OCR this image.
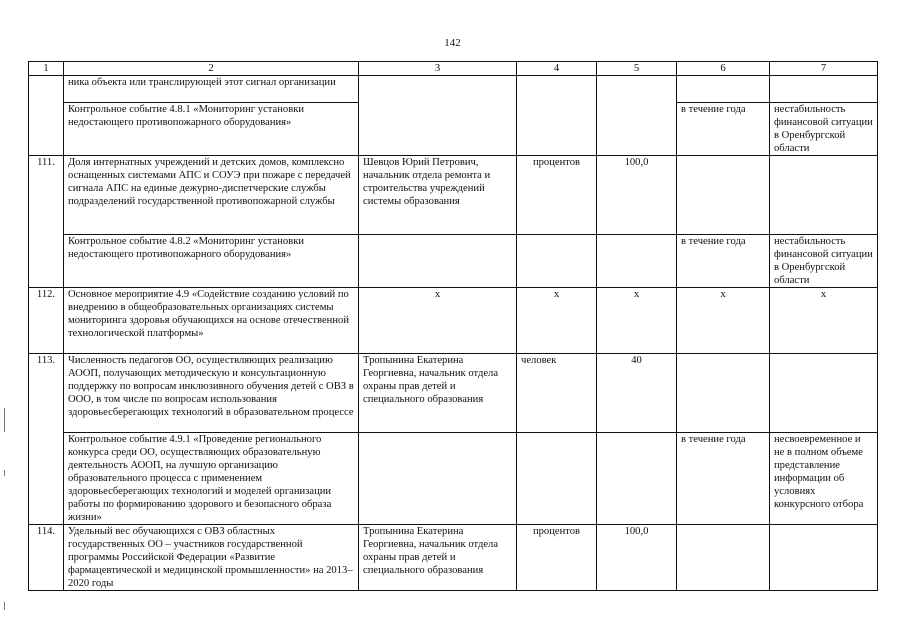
142
1	2	3	4	5	6	7
	ника объекта или транслирующей этот сигнал организации					
	Контрольное событие 4.8.1 «Мониторинг установки недостающего противопожарного оборудования»				в течение года	нестабильность финансовой ситуации в Оренбургской области
111.	Доля интернатных учреждений и детских домов, комплексно оснащенных системами АПС и СОУЭ при пожаре с передачей сигнала АПС на единые дежурно-диспетчерские службы подразделений государственной противопожарной службы	Шевцов Юрий Петрович, начальник отдела ремонта и строительства учреждений системы образования	процентов	100,0		
	Контрольное событие 4.8.2 «Мониторинг установки недостающего противопожарного оборудования»				в течение года	нестабильность финансовой ситуации в Оренбургской области
112.	Основное мероприятие 4.9 «Содействие созданию условий по внедрению в общеобразовательных организациях системы мониторинга здоровья обучающихся на основе отечественной технологической платформы»	x	x	x	x	x
113.	Численность педагогов ОО, осуществляющих реализацию АООП, получающих методическую и консультационную поддержку по вопросам инклюзивного обучения детей с ОВЗ в ООО, в том числе по вопросам использования здоровьесберегающих технологий в образовательном процессе	Тропынина Екатерина Георгиевна, начальник отдела охраны прав детей и специального образования	человек	40		
	Контрольное событие 4.9.1 «Проведение регионального конкурса среди ОО, осуществляющих образовательную деятельность АООП, на лучшую организацию образовательного процесса с применением здоровьесберегающих технологий и моделей организации работы по формированию здорового и безопасного образа жизни»				в течение года	несвоевременное и не в полном объеме представление информации об условиях конкурсного отбора
114.	Удельный вес обучающихся с ОВЗ областных государственных ОО – участников государственной программы Российской Федерации «Развитие фармацевтической и медицинской промышленности» на 2013–2020 годы	Тропынина Екатерина Георгиевна, начальник отдела охраны прав детей и специального образования	процентов	100,0		
